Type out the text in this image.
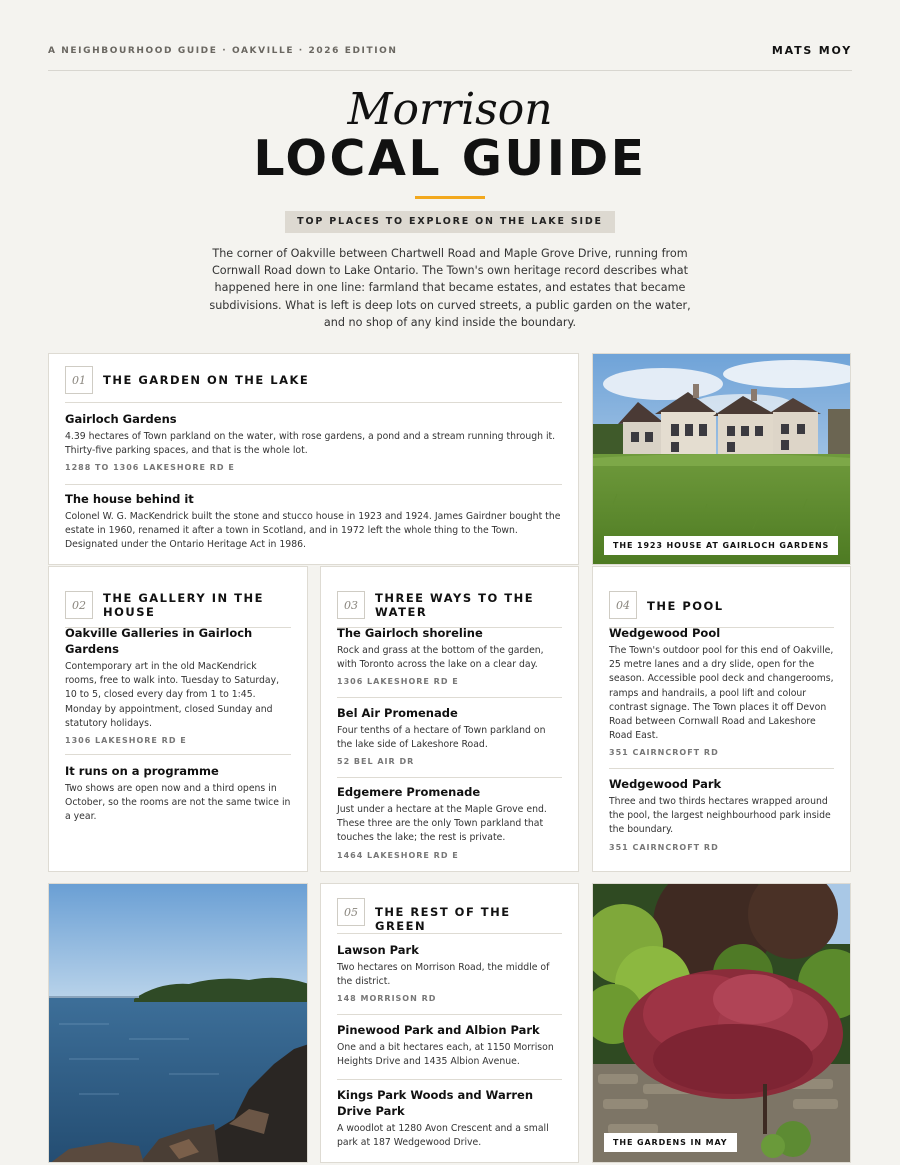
A NEIGHBOURHOOD GUIDE · OAKVILLE · 2026 EDITION	MATS MOY
Morrison
LOCAL GUIDE
TOP PLACES TO EXPLORE ON THE LAKE SIDE
The corner of Oakville between Chartwell Road and Maple Grove Drive, running from Cornwall Road down to Lake Ontario. The Town's own heritage record describes what happened here in one line: farmland that became estates, and estates that became subdivisions. What is left is deep lots on curved streets, a public garden on the water, and no shop of any kind inside the boundary.
01	THE GARDEN ON THE LAKE
Gairloch Gardens

4.39 hectares of Town parkland on the water, with rose gardens, a pond and a stream running through it. Thirty-five parking spaces, and that is the whole lot.

1288 TO 1306 LAKESHORE RD E
The house behind it

Colonel W. G. MacKendrick built the stone and stucco house in 1923 and 1924. James Gairdner bought the estate in 1960, renamed it after a town in Scotland, and in 1972 left the whole thing to the Town. Designated under the Ontario Heritage Act in 1986.	THE 1923 HOUSE AT GAIRLOCH GARDENS
02
THE GALLERY IN THE
HOUSE
Oakville Galleries in Gairloch Gardens

Contemporary art in the old MacKendrick rooms, free to walk into. Tuesday to Saturday, 10 to 5, closed every day from 1 to 1:45. Monday by appointment, closed Sunday and statutory holidays.

1306 LAKESHORE RD E
It runs on a programme

Two shows are open now and a third opens in October, so the rooms are not the same twice in a year.

03
THREE WAYS TO THE
WATER
The Gairloch shoreline

Rock and grass at the bottom of the garden, with Toronto across the lake on a clear day.

1306 LAKESHORE RD E
Bel Air Promenade

Four tenths of a hectare of Town parkland on the lake side of Lakeshore Road.

52 BEL AIR DR
Edgemere Promenade

Just under a hectare at the Maple Grove end. These three are the only Town parkland that touches the lake; the rest is private.

1464 LAKESHORE RD E
04	THE POOL
Wedgewood Pool

The Town's outdoor pool for this end of Oakville, 25 metre lanes and a dry slide, open for the season. Accessible pool deck and changerooms, ramps and handrails, a pool lift and colour contrast signage. The Town places it off Devon Road between Cornwall Road and Lakeshore Road East.

351 CAIRNCROFT RD
Wedgewood Park

Three and two thirds hectares wrapped around the pool, the largest neighbourhood park inside the boundary.

351 CAIRNCROFT RD
05	THE REST OF THE GREEN
Lawson Park

Two hectares on Morrison Road, the middle of the district.

148 MORRISON RD
Pinewood Park and Albion Park

One and a bit hectares each, at 1150 Morrison Heights Drive and 1435 Albion Avenue.

Kings Park Woods and Warren Drive Park

A woodlot at 1280 Avon Crescent and a small park at 187 Wedgewood Drive.	THE GARDENS IN MAY
